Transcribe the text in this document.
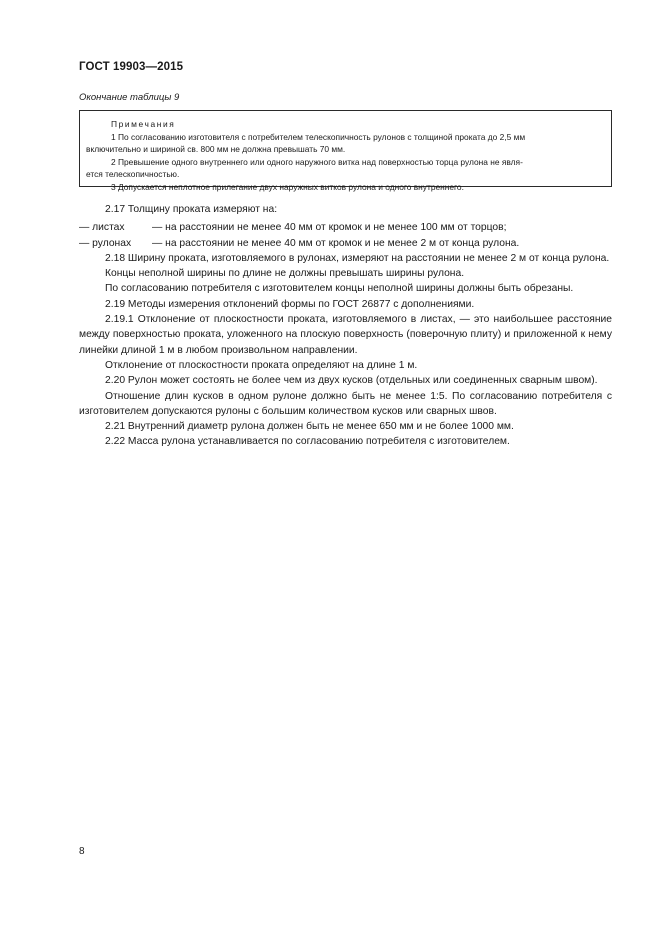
ГОСТ 19903—2015
Окончание таблицы 9
Примечания
1 По согласованию изготовителя с потребителем телескопичность рулонов с толщиной проката до 2,5 мм
включительно и шириной св. 800 мм не должна превышать 70 мм.
2 Превышение одного внутреннего или одного наружного витка над поверхностью торца рулона не явля-
ется телескопичностью.
3 Допускается неплотное прилегание двух наружных витков рулона и одного внутреннего.

2.17 Толщину проката измеряют на:

— листах	— на расстоянии не менее 40 мм от кромок и не менее 100 мм от торцов;
— рулонах	— на расстоянии не менее 40 мм от кромок и не менее 2 м от конца рулона.

2.18 Ширину проката, изготовляемого в рулонах, измеряют на расстоянии не менее 2 м от конца рулона.

Концы неполной ширины по длине не должны превышать ширины рулона.

По согласованию потребителя с изготовителем концы неполной ширины должны быть обрезаны.

2.19 Методы измерения отклонений формы по ГОСТ 26877 с дополнениями.

2.19.1 Отклонение от плоскостности проката, изготовляемого в листах, — это наибольшее расстояние между поверхностью проката, уложенного на плоскую поверхность (поверочную плиту) и приложенной к нему линейки длиной 1 м в любом произвольном направлении.

Отклонение от плоскостности проката определяют на длине 1 м.

2.20 Рулон может состоять не более чем из двух кусков (отдельных или соединенных сварным швом).

Отношение длин кусков в одном рулоне должно быть не менее 1:5. По согласованию потребителя с изготовителем допускаются рулоны с большим количеством кусков или сварных швов.

2.21 Внутренний диаметр рулона должен быть не менее 650 мм и не более 1000 мм.

2.22 Масса рулона устанавливается по согласованию потребителя с изготовителем.

8
